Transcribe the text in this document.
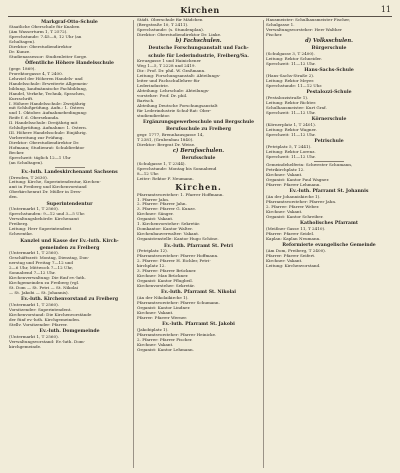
Kirchen	11
Markgraf-Otto-Schule
Staatliche Oberschule für Knaben
(Am Wasserturm 1, T 2572).
Sprechstunde: 7.45—8, 12 Uhr (an
Schultagen).
Direktor: Oberstudiendirektor
Dr. Kunze.
Studienassessor: Studienleiter Sorge.
Öffentliche Höhere Handelsschule
(gegr. 1869).
Prorektorgasse 4, T 2400.
Lehrziel der Höheren Handels- und
Handelsschule: Erweiterte Allgemein-
bildung, kaufmännische Fachbildung,
Handel, Verkehr, Technik, Sprachen,
Kurzschrift.
I. Höhere Handelsschule: Zweijährig
mit Schlußprüfung. Aufn.: 1. Ostern
und 1. Oktober. Aufnahmebedingung:
Reife f. d. Obersekunda.
II. Handelsschule: Dreijährig mit
Schlußprüfung. Aufnahme: 1. Ostern.
III. Höhere Handelsschule: Einjährig.
Vorbereitung zur Prüfung.
Direktor: Oberstudiendirektor Dr.
Hofmann; Studienrat: Schuldirektor
Becker.
Sprechzeit: täglich 12—1 Uhr
(an Schultagen).
Ev.-luth. Landeskirchenamt Sachsens
(Dresden, T 2630).
Leitung: Kirche, Superintendentur, Kirchen-
amt in Freiberg und Kirchenvorstand
Oberkirchenrat Dr. Müller in Dres-
den.
Superintendentur
(Untermarkt 1, T 2560).
Sprechstunden: 9—12 und 3—5 Uhr.
Verwaltungsbehörde: Kirchenamt
Freiberg.
Leitung: Herr Superintendent
Schwentke.
Kanzlei und Kasse der Ev.-luth. Kirch-
gemeinden zu Freiberg
(Untermarkt 1, T 2560).
Geschäftszeit: Montag, Dienstag, Don-
nerstag und Freitag 7—12 und
2—6 Uhr, Mittwoch 7—12 Uhr,
Sonnabend 7—12 Uhr.
Kirchenverwaltung: Die fünf ev.-luth.
Kirchgemeinden zu Freiberg (vgl.
St. Dom — St. Petri — St. Nikolai
— St. Jakobi — St. Johannis).
Ev.-luth. Kirchenvorstand zu Freiberg
(Untermarkt 1, T 2560).
Vorsitzender: Superintendent.
Kirchenvorstand: Die Kirchenvorstände
der fünf ev.-luth. Kirchgemeinden.
Stellv. Vorsitzender: Pfarrer.
Ev.-luth. Domgemeinde
(Untermarkt 1, T 2560).
Verwaltungsvorstand: Ev.-luth. Dom-
kirchgemeinde.
Städt. Oberschule für Mädchen
(Bergstraße 10, T 2411).
Sprechstunde: (s. Stundenplan).
Direktor: Oberstudiendirektor Dr. Linke.
b) Fachschulen.
Deutsche Forschungsanstalt und Fach-
schule für Lederindustrie, Freiberg/Sa.
Kreuzgasse 1 und Hainichener
Weg 1—5, T 2228 und 2419.
Dir.: Prof. Dr. phil. W. Graßmann.
Leitung: Forschungsanstalt: Abteilungs-
leiter und Fachschullehrer für
Lederindustrie.
Abteilung: Lehrschule: Abteilungs-
vorsteher: Prof. Dr. phil.
Bartsch.
Abteilung Deutsche Forschungsanstalt
für Lederindustrie Schul-Rat: Ober-
studiendirektor.
Ergänzungsgewerbeschule und Bergschule
Berufsschule zu Freiberg
gegr. 1777, Brennhausgasse 14,
T 2381, (Grubenbau 1840).
Direktor: Bergrat Dr. Weise.
c) Berufsschulen.
Berufsschule
(Schulgasse 1, T 2344).
Sprechstunde: Montag bis Sonnabend
8—12 Uhr.
Leiter: Rektor F. Neumann.
Kirchen.
Pfarramtsvorsteher: 1. Pfarrer Hoffmann.
1. Pfarrer Jahn.
2. Pfarrer: Pfarrer Jahn.
3. Pfarrer: Pfarrer G. Kunze.
Kirchner: Sänger.
Organist: Vakant.
1. Kirchenvorsteher: Sekretär.
Domkantor: Kantor Walter.
Kirchenbauverwalter: Vakant.
Organistenstelle: Kantor Hugo Schöne.
Ev.-luth. Pfarramt St. Petri
(Petriplatz 12).
Pfarramtsvorsteher: Pfarrer Hoffmann.
2. Pfarrer: Pfarrer H. Eichler, Petri-
kirchplatz 12.
3. Pfarrer: Pfarrer Brückner.
Kirchner: Max Brückner.
Organist: Kantor Pflugbeil.
Kirchenvorsteher: Sekretär.
Ev.-luth. Pfarramt St. Nikolai
(An der Nikolaikirche 1).
Pfarramtsvorsteher: Pfarrer Schumann.
Organist: Kantor Lindner.
Kirchner: Vakant.
Pfarrer: Pfarrer Werner.
Ev.-luth. Pfarramt St. Jakobi
(Jakobiplatz 1).
Pfarramtsvorsteher: Pfarrer Heinicke.
2. Pfarrer: Pfarrer Fischer.
Kirchner: Vakant.
Organist: Kantor Lehmann.
Hausmeister: Schulhausmeister Fischer,
Schulgasse 1.
Verwaltungsvorsteher: Herr Walther
Fischer.
d) Volksschulen.
Bürgerschule
(Schulgasse 3, T 2400).
Leitung: Rektor Schneider.
Sprechzeit: 11—12 Uhr.
Hans-Sachs-Schule
(Hans-Sachs-Straße 2).
Leitung: Rektor Meyer.
Sprechstunde: 11—12 Uhr.
Pestalozzi-Schule
(Pestalozzistraße 1).
Leitung: Rektor Richter.
Schulhausmeister: Kurt Graf.
Sprechzeit: 11—12 Uhr.
Körnerschule
(Körnerplatz 1, T 2401).
Leitung: Rektor Wagner.
Sprechzeit: 11—12 Uhr.
Petrischule
(Petriplatz 5, T 2441).
Leitung: Rektor Lorenz.
Sprechzeit: 11—12 Uhr.
Gemeindehelferin: Schwester Schumann,
Petrikirchplatz 12.
Kirchner: Vakant.
Organist: Kantor Paul Wagner.
Pfarrer: Pfarrer Lehmann.
Ev.-luth. Pfarramt St. Johannis
(An der Johanniskirche 1).
Pfarramtsvorsteher: Pfarrer Jahn.
2. Pfarrer: Pfarrer Weber.
Kirchner: Vakant.
Organist: Kantor Schreiber.
Katholisches Pfarramt
(Meißner Gasse 11, T 2410).
Pfarrer: Pfarrer Seidel.
Kaplan: Kaplan Neumann.
Reformierte evangelische Gemeinde
(Am Dom, Freiberg, T 2400).
Pfarrer: Pfarrer Seifert.
Kirchner: Vakant.
Leitung: Kirchenvorstand.
